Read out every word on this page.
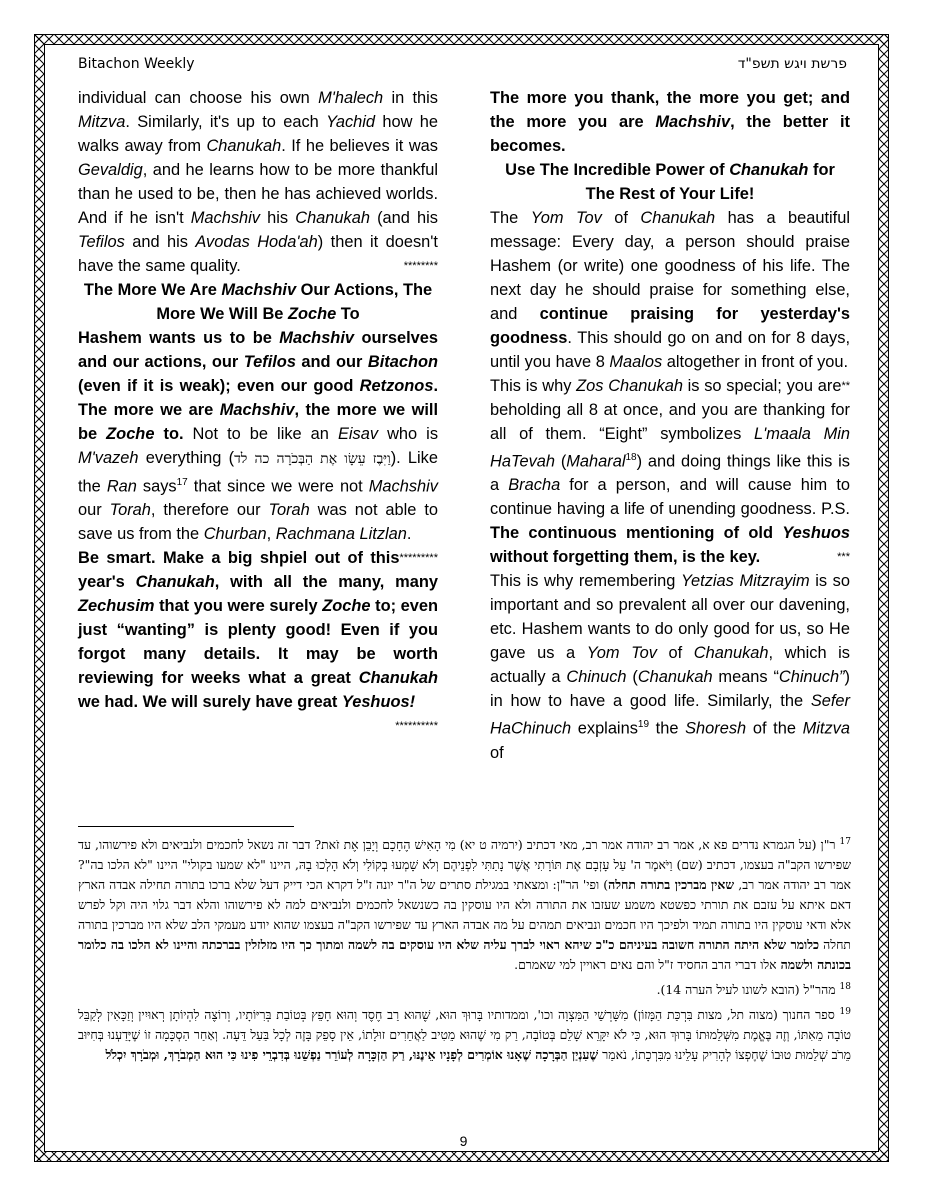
Bitachon Weekly	פרשת ויגש תשפ"ד

individual can choose his own M'halech in this Mitzva. Similarly, it's up to each Yachid how he walks away from Chanukah. If he believes it was Gevaldig, and he learns how to be more thankful than he used to be, then he has achieved worlds. And if he isn't Machshiv his Chanukah (and his Tefilos and his Avodas Hoda'ah) then it doesn't have the same quality.	********

The More We Are Machshiv Our Actions, The More We Will Be Zoche To

Hashem wants us to be Machshiv ourselves and our actions, our Tefilos and our Bitachon (even if it is weak); even our good Retzonos. The more we are Machshiv, the more we will be Zoche to. Not to be like an Eisav who is M'vazeh everything (וַיִּבֶז עֵשָׂו אֶת הַבְּכֹרָה כה לד). Like the Ran says$^{17}$ that since we were not Machshiv our Torah, therefore our Torah was not able to save us from the Churban, Rachmana Litzlan.
*********

Be smart. Make a big shpiel out of this year's Chanukah, with all the many, many Zechusim that you were surely Zoche to; even just “wanting” is plenty good! Even if you forgot many details. It may be worth reviewing for weeks what a great Chanukah we had. We will surely have great Yeshuos!
**********

The more you thank, the more you get; and the more you are Machshiv, the better it becomes.

Use The Incredible Power of Chanukah for The Rest of Your Life!

The Yom Tov of Chanukah has a beautiful message: Every day, a person should praise Hashem (or write) one goodness of his life. The next day he should praise for something else, and continue praising for yesterday's goodness. This should go on and on for 8 days, until you have 8 Maalos altogether in front of you.
**

This is why Zos Chanukah is so special; you are beholding all 8 at once, and you are thanking for all of them. “Eight” symbolizes L'maala Min HaTevah (Maharal$^{18}$) and doing things like this is a Bracha for a person, and will cause him to continue having a life of unending goodness. P.S. The continuous mentioning of old Yeshuos without forgetting them, is the key.	***

This is why remembering Yetzias Mitzrayim is so important and so prevalent all over our davening, etc. Hashem wants to do only good for us, so He gave us a Yom Tov of Chanukah, which is actually a Chinuch (Chanukah means “Chinuch”) in how to have a good life. Similarly, the Sefer HaChinuch explains$^{19}$ the Shoresh of the Mitzva of

$^{17}$ ר"ן (על הגמרא נדרים פא א, אמר רב יהודה אמר רב, מאי דכתיב (ירמיה ט יא) מִי הָאִישׁ הֶחָכָם וְיָבֵן אֶת זֹאת? דבר זה נשאל לחכמים ולנביאים ולא פירשוהו, עד שפירשו הקב"ה בעצמו, דכתיב (שם) וַיֹּאמֶר ה' עַל עָזְבָם אֶת תּוֹרָתִי אֲשֶׁר נָתַתִּי לִפְנֵיהֶם וְלֹא שָׁמְעוּ בְקוֹלִי וְלֹא הָלְכוּ בָהּ, היינו "לא שמעו בקולי" היינו "לא הלכו בה"? אמר רב יהודה אמר רב, שאין מברכין בתורה תחלה) ופי' הר"ן: ומצאתי במגילת סתרים של ה"ר יונה ז"ל דקרא הכי דייק דעל שלא ברכו בתורה תחילה אבדה הארץ דאם איתא על עזבם את תורתי כפשטא משמע שעזבו את התורה ולא היו עוסקין בה כשנשאל לחכמים ולנביאים למה לא פירשוהו והלא דבר גלוי היה וקל לפרש אלא ודאי עוסקין היו בתורה תמיד ולפיכך היו חכמים ונביאים תמהים על מה אבדה הארץ עד שפירשו הקב"ה בעצמו שהוא יודע מעמקי הלב שלא היו מברכין בתורה תחלה כלומר שלא היתה התורה חשובה בעיניהם כ"כ שיהא ראוי לברך עליה שלא היו עוסקים בה לשמה ומתוך כך היו מזלזלין בברכתה והיינו לא הלכו בה כלומר בכונתה ולשמה אלו דברי הרב החסיד ז"ל והם נאים ראויין למי שאמרם.

$^{18}$ מהר"ל (הובא לשונו לעיל הערה 14).

$^{19}$ ספר החנוך (מצוה תל, מצות בִּרְכַּת הַמָּזוֹן) מִשָּׁרְשֵׁי הַמִּצְוָה וכו', וממדותיו בָּרוּךְ הוּא, שֶׁהוּא רַב חֶסֶד וְהוּא חָפֵץ בְּטוֹבַת בְּרִיּוֹתָיו, וְרוֹצֶה לִהְיוֹתָן רְאוּיִין וְזַכָּאִין לְקַבֵּל טוֹבָה מֵאִתּוֹ, וְזֶה בֶּאֱמֶת מִשְּׁלֵמוּתוֹ בָּרוּךְ הוּא, כִּי לֹא יִקָּרֵא שָׁלֵם בְּטוֹבָה, רַק מִי שֶׁהוּא מֵטִיב לַאֲחֵרִים זוּלָתוֹ, אֵין סָפֵק בָּזֶה לְכָל בַּעַל דֵּעָה. וְאַחַר הַסְכָּמָה זוֹ שֶׁיָּדַעְנוּ בְּחִיּוּב מֵרֹב שְׁלֵמוּת טוּבוֹ שֶׁחֶפְצוֹ לְהָרִיק עָלֵינוּ מִבִּרְכָתוֹ, נֹאמַר שֶׁעִנְיַן הַבְּרָכָה שֶׁאָנוּ אוֹמְרִים לְפָנָיו אֵינֶנּוּ, רַק הַזְכָּרָה לְעוֹרֵר נַפְשֵׁנוּ בְּדִבְרֵי פִינוּ כִּי הוּא הַמְבֹרָךְ, וּמְבֹרָךְ יִכְלֹל

9
